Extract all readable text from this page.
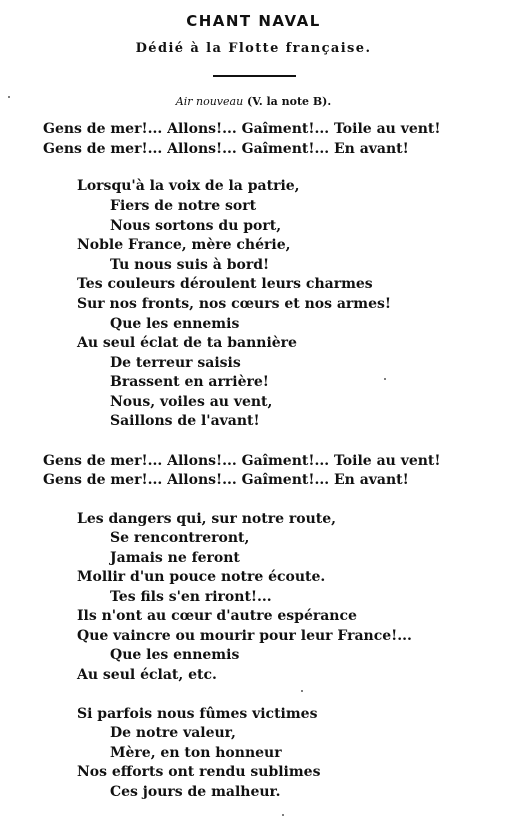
CHANT NAVAL
Dédié à la Flotte française.
Air nouveau (V. la note B).
Gens de mer!... Allons!... Gaîment!... Toile au vent!
Gens de mer!... Allons!... Gaîment!... En avant!
Lorsqu'à la voix de la patrie,
Fiers de notre sort
Nous sortons du port,
Noble France, mère chérie,
Tu nous suis à bord!
Tes couleurs déroulent leurs charmes
Sur nos fronts, nos cœurs et nos armes!
Que les ennemis
Au seul éclat de ta bannière
De terreur saisis
Brassent en arrière!
Nous, voiles au vent,
Saillons de l'avant!
Gens de mer!... Allons!... Gaîment!... Toile au vent!
Gens de mer!... Allons!... Gaîment!... En avant!
Les dangers qui, sur notre route,
Se rencontreront,
Jamais ne feront
Mollir d'un pouce notre écoute.
Tes fils s'en riront!...
Ils n'ont au cœur d'autre espérance
Que vaincre ou mourir pour leur France!...
Que les ennemis
Au seul éclat, etc.
Si parfois nous fûmes victimes
De notre valeur,
Mère, en ton honneur
Nos efforts ont rendu sublimes
Ces jours de malheur.
